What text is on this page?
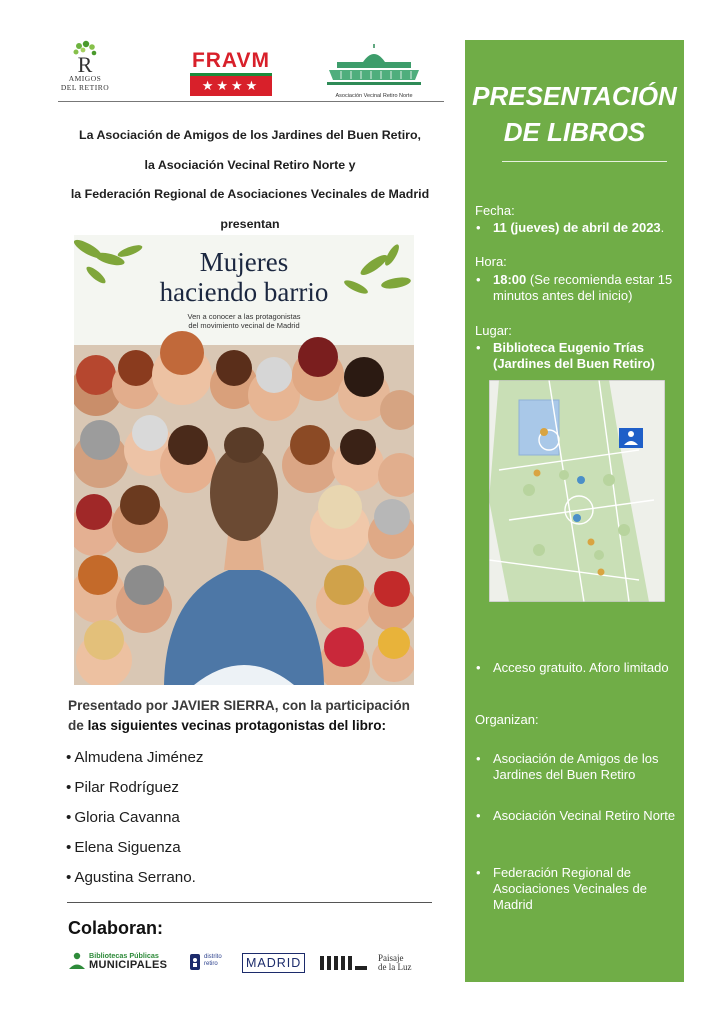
R
AMIGOS
DEL RETIRO
FRAVM
★★★★
Asociación Vecinal Retiro Norte
La Asociación de Amigos de los Jardines del Buen Retiro,
la Asociación Vecinal Retiro Norte y
la Federación Regional de Asociaciones Vecinales de Madrid
presentan
Mujeres
haciendo barrio
Ven a conocer a las protagonistas
del movimiento vecinal de Madrid
Presentado por JAVIER SIERRA, con la participación
de las siguientes vecinas protagonistas del libro:
• Almudena Jiménez
• Pilar Rodríguez
• Gloria Cavanna
• Elena Siguenza
• Agustina Serrano.
Colaboran:
Bibliotecas Públicas
MUNICIPALES
distrito
retiro	MADRID	Paisaje
de la Luz
PRESENTACIÓN
DE LIBROS
Fecha:
• 11 (jueves) de abril de 2023.
Hora:
• 18:00 (Se recomienda estar 15 minutos antes del inicio)
Lugar:
• Biblioteca Eugenio Trías
(Jardines del Buen Retiro)
• Acceso gratuito. Aforo limitado
Organizan:
• Asociación de Amigos de los Jardines del Buen Retiro
• Asociación Vecinal Retiro Norte
• Federación Regional de Asociaciones Vecinales de Madrid
